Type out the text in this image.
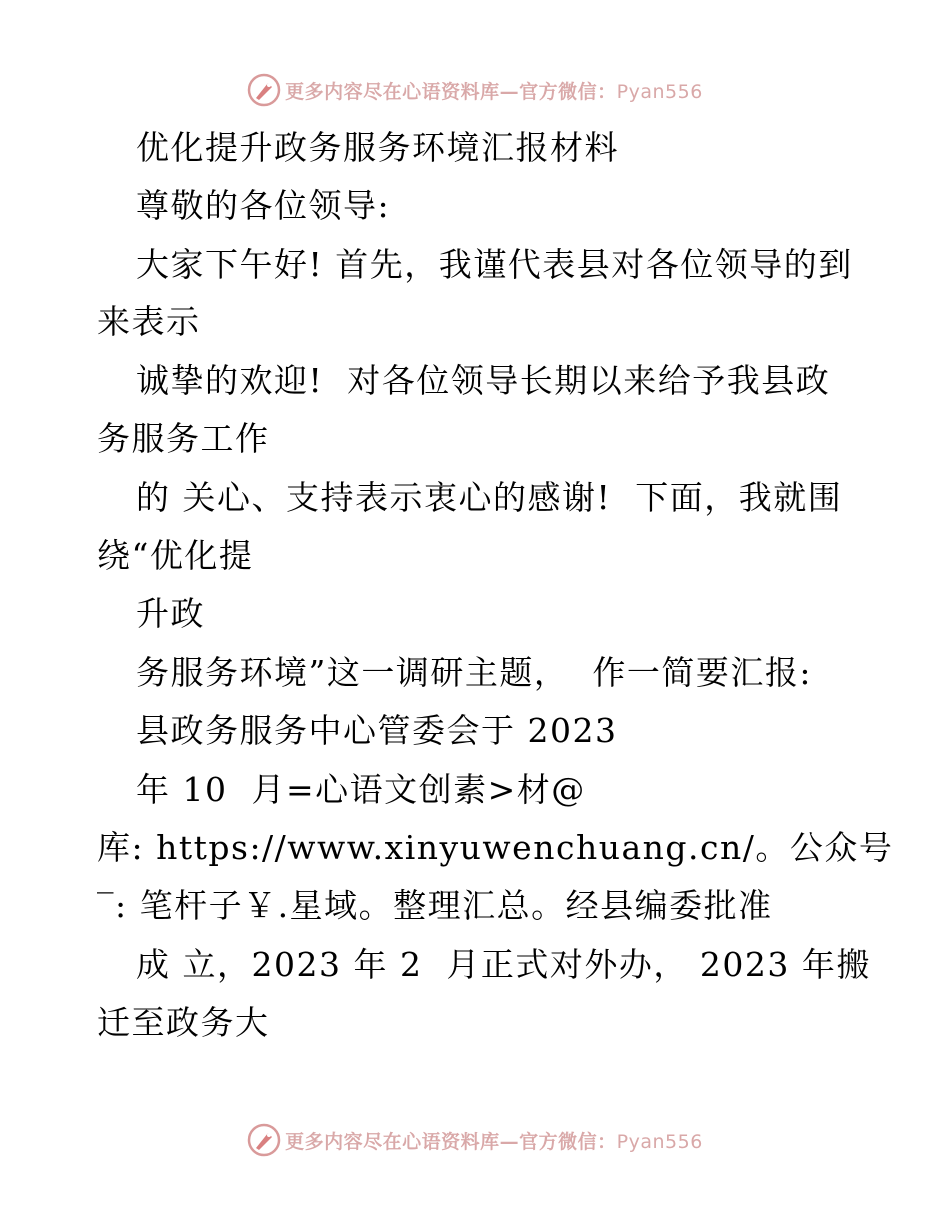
更多内容尽在心语资料库—官方微信：Pyan556
优化提升政务服务环境汇报材料
尊敬的各位领导:
大家下午好! 首先，我谨代表县对各位领导的到
来表示
诚挚的欢迎!  对各位领导长期以来给予我县政
务服务工作
的 关心、支持表示衷心的感谢!  下面，我就围
绕“优化提
升政
务服务环境”这一调研主题，  作一简要汇报:
县政务服务中心管委会于 2023
年 10  月=心语文创素>材@
库: https://www.xinyuwenchuang.cn/。公众号
‾: 笔杆子￥.星域。整理汇总。经县编委批准
成 立，2023 年 2  月正式对外办， 2023 年搬
迁至政务大
更多内容尽在心语资料库—官方微信：Pyan556
